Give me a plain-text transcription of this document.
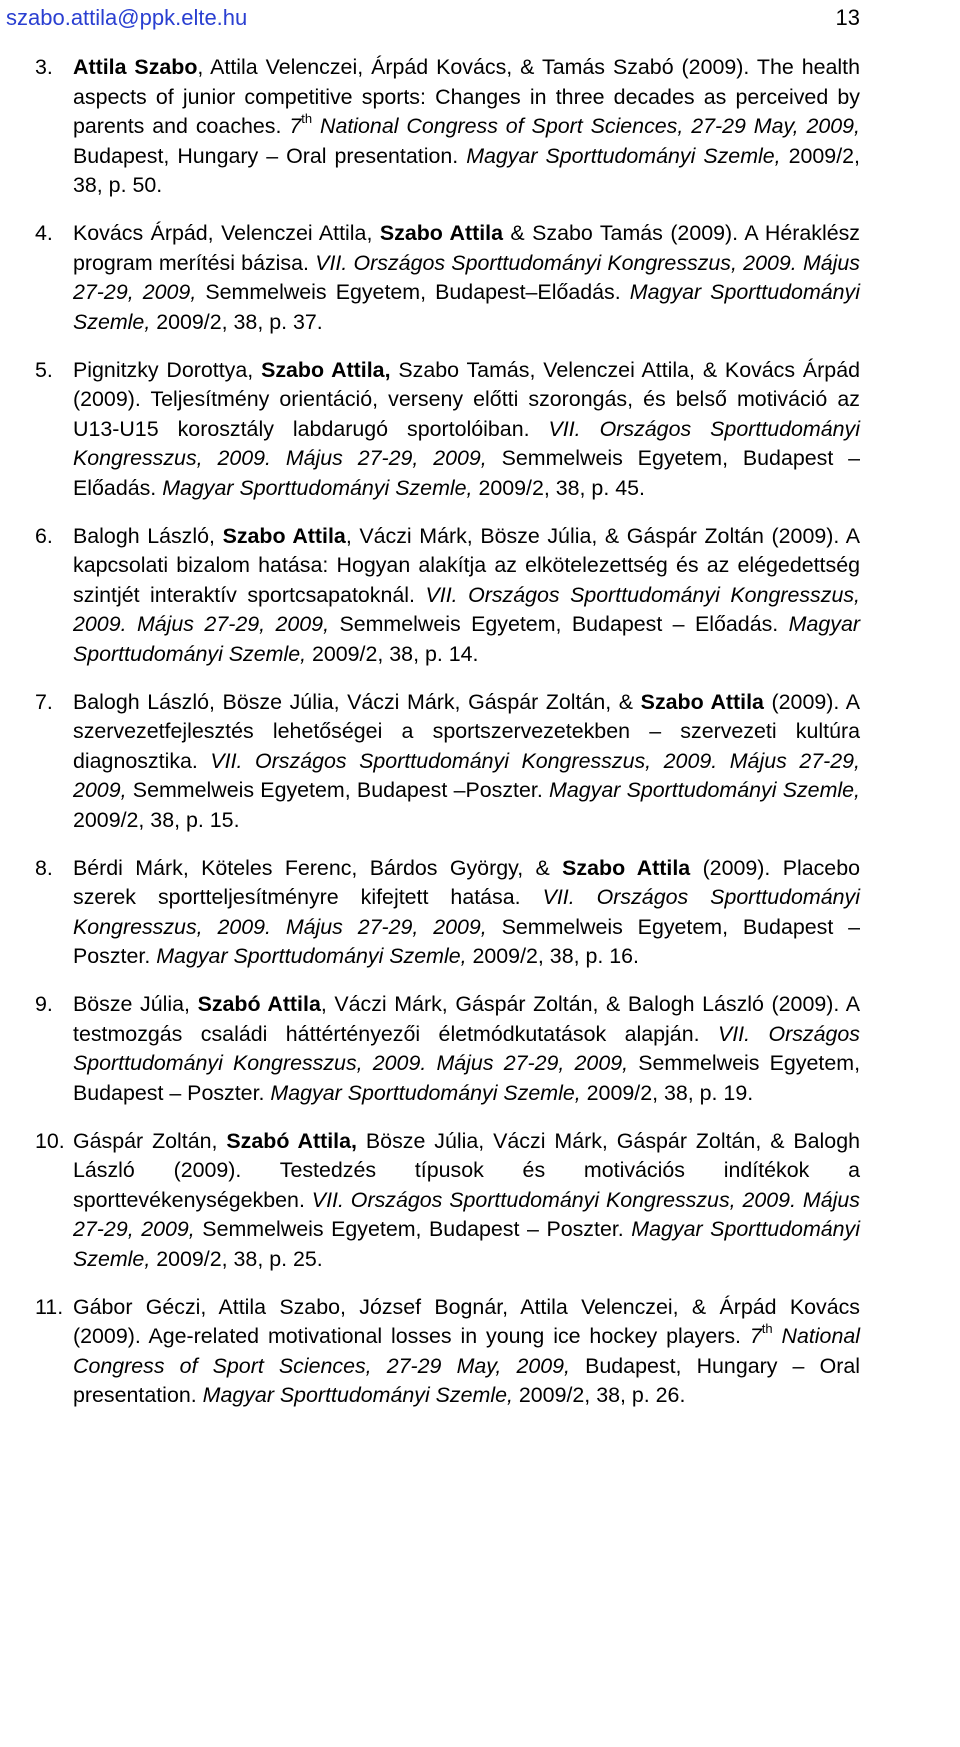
szabo.attila@ppk.elte.hu	13
3. Attila Szabo, Attila Velenczei, Árpád Kovács, & Tamás Szabó (2009). The health aspects of junior competitive sports: Changes in three decades as perceived by parents and coaches. 7th National Congress of Sport Sciences, 27-29 May, 2009, Budapest, Hungary – Oral presentation. Magyar Sporttudományi Szemle, 2009/2, 38, p. 50.
4. Kovács Árpád, Velenczei Attila, Szabo Attila & Szabo Tamás (2009). A Héraklész program merítési bázisa. VII. Országos Sporttudományi Kongresszus, 2009. Május 27-29, 2009, Semmelweis Egyetem, Budapest–Előadás. Magyar Sporttudományi Szemle, 2009/2, 38, p. 37.
5. Pignitzky Dorottya, Szabo Attila, Szabo Tamás, Velenczei Attila, & Kovács Árpád (2009). Teljesítmény orientáció, verseny előtti szorongás, és belső motiváció az U13-U15 korosztály labdarugó sportolóiban. VII. Országos Sporttudományi Kongresszus, 2009. Május 27-29, 2009, Semmelweis Egyetem, Budapest – Előadás. Magyar Sporttudományi Szemle, 2009/2, 38, p. 45.
6. Balogh László, Szabo Attila, Váczi Márk, Bösze Júlia, & Gáspár Zoltán (2009). A kapcsolati bizalom hatása: Hogyan alakítja az elkötelezettség és az elégedettség szintjét interaktív sportcsapatoknál. VII. Országos Sporttudományi Kongresszus, 2009. Május 27-29, 2009, Semmelweis Egyetem, Budapest – Előadás. Magyar Sporttudományi Szemle, 2009/2, 38, p. 14.
7. Balogh László, Bösze Júlia, Váczi Márk, Gáspár Zoltán, & Szabo Attila (2009). A szervezetfejlesztés lehetőségei a sportszervezetekben – szervezeti kultúra diagnosztika. VII. Országos Sporttudományi Kongresszus, 2009. Május 27-29, 2009, Semmelweis Egyetem, Budapest –Poszter. Magyar Sporttudományi Szemle, 2009/2, 38, p. 15.
8. Bérdi Márk, Köteles Ferenc, Bárdos György, & Szabo Attila (2009). Placebo szerek sportteljesítményre kifejtett hatása. VII. Országos Sporttudományi Kongresszus, 2009. Május 27-29, 2009, Semmelweis Egyetem, Budapest – Poszter. Magyar Sporttudományi Szemle, 2009/2, 38, p. 16.
9. Bösze Júlia, Szabó Attila, Váczi Márk, Gáspár Zoltán, & Balogh László (2009). A testmozgás családi háttértényezői életmódkutatások alapján. VII. Országos Sporttudományi Kongresszus, 2009. Május 27-29, 2009, Semmelweis Egyetem, Budapest – Poszter. Magyar Sporttudományi Szemle, 2009/2, 38, p. 19.
10. Gáspár Zoltán, Szabó Attila, Bösze Júlia, Váczi Márk, Gáspár Zoltán, & Balogh László (2009). Testedzés típusok és motivációs indítékok a sporttevékenységekben. VII. Országos Sporttudományi Kongresszus, 2009. Május 27-29, 2009, Semmelweis Egyetem, Budapest – Poszter. Magyar Sporttudományi Szemle, 2009/2, 38, p. 25.
11. Gábor Géczi, Attila Szabo, József Bognár, Attila Velenczei, & Árpád Kovács (2009). Age-related motivational losses in young ice hockey players. 7th National Congress of Sport Sciences, 27-29 May, 2009, Budapest, Hungary – Oral presentation. Magyar Sporttudományi Szemle, 2009/2, 38, p. 26.
